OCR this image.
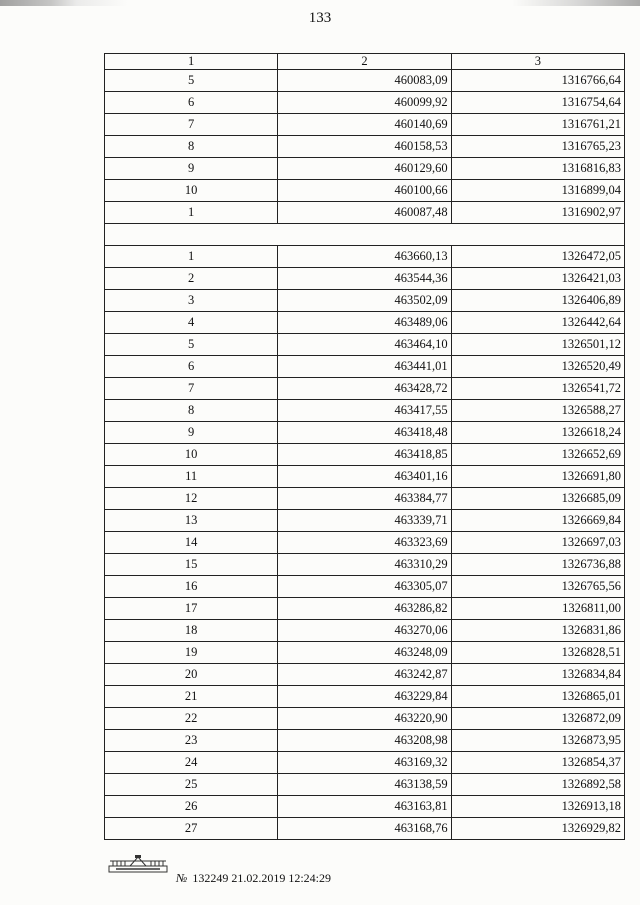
133
1	2	3
5	460083,09	1316766,64
6	460099,92	1316754,64
7	460140,69	1316761,21
8	460158,53	1316765,23
9	460129,60	1316816,83
10	460100,66	1316899,04
1	460087,48	1316902,97

1	463660,13	1326472,05
2	463544,36	1326421,03
3	463502,09	1326406,89
4	463489,06	1326442,64
5	463464,10	1326501,12
6	463441,01	1326520,49
7	463428,72	1326541,72
8	463417,55	1326588,27
9	463418,48	1326618,24
10	463418,85	1326652,69
11	463401,16	1326691,80
12	463384,77	1326685,09
13	463339,71	1326669,84
14	463323,69	1326697,03
15	463310,29	1326736,88
16	463305,07	1326765,56
17	463286,82	1326811,00
18	463270,06	1326831,86
19	463248,09	1326828,51
20	463242,87	1326834,84
21	463229,84	1326865,01
22	463220,90	1326872,09
23	463208,98	1326873,95
24	463169,32	1326854,37
25	463138,59	1326892,58
26	463163,81	1326913,18
27	463168,76	1326929,82
№ 132249 21.02.2019 12:24:29
